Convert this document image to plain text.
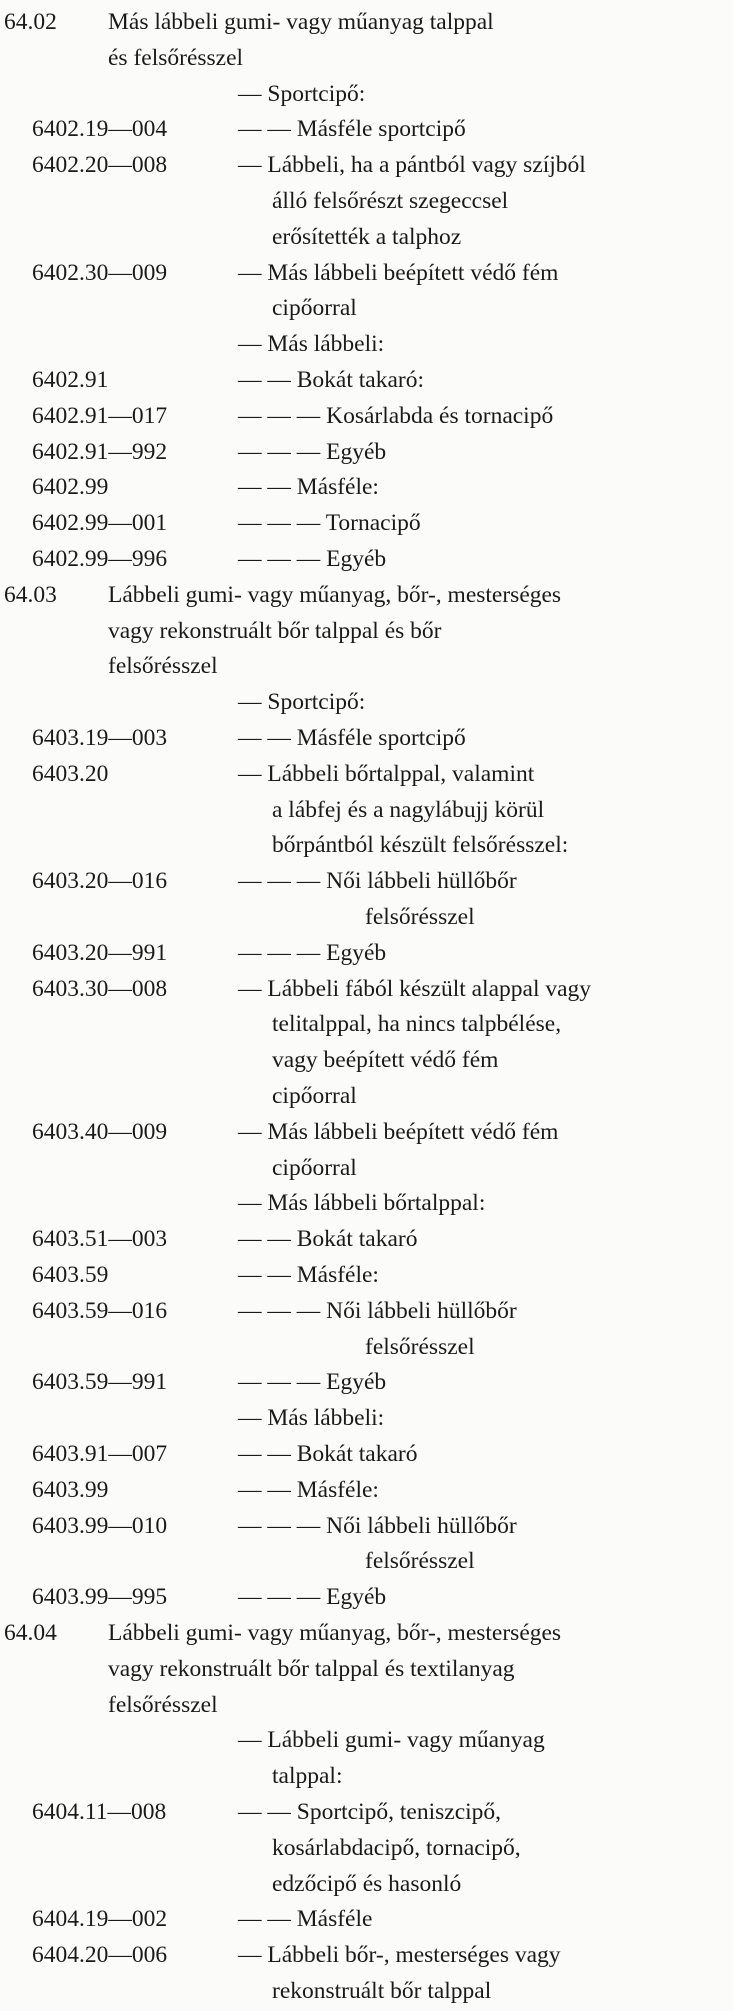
64.02 Más lábbeli gumi- vagy műanyag talppal
és felsőrésszel
— Sportcipő:
6402.19—004	— — Másféle sportcipő
6402.20—008	— Lábbeli, ha a pántból vagy szíjból
álló felsőrészt szegeccsel
erősítették a talphoz
6402.30—009	— Más lábbeli beépített védő fém
cipőorral
— Más lábbeli:
6402.91	— — Bokát takaró:
6402.91—017	— — — Kosárlabda és tornacipő
6402.91—992	— — — Egyéb
6402.99	— — Másféle:
6402.99—001	— — — Tornacipő
6402.99—996	— — — Egyéb
64.03 Lábbeli gumi- vagy műanyag, bőr-, mesterséges
vagy rekonstruált bőr talppal és bőr
felsőrésszel
— Sportcipő:
6403.19—003	— — Másféle sportcipő
6403.20	— Lábbeli bőrtalppal, valamint
a lábfej és a nagylábujj körül
bőrpántból készült felsőrésszel:
6403.20—016	— — — Női lábbeli hüllőbőr
felsőrésszel
6403.20—991	— — — Egyéb
6403.30—008	— Lábbeli fából készült alappal vagy
telitalppal, ha nincs talpbélése,
vagy beépített védő fém
cipőorral
6403.40—009	— Más lábbeli beépített védő fém
cipőorral
— Más lábbeli bőrtalppal:
6403.51—003	— — Bokát takaró
6403.59	— — Másféle:
6403.59—016	— — — Női lábbeli hüllőbőr
felsőrésszel
6403.59—991	— — — Egyéb
— Más lábbeli:
6403.91—007	— — Bokát takaró
6403.99	— — Másféle:
6403.99—010	— — — Női lábbeli hüllőbőr
felsőrésszel
6403.99—995	— — — Egyéb
64.04 Lábbeli gumi- vagy műanyag, bőr-, mesterséges
vagy rekonstruált bőr talppal és textilanyag
felsőrésszel
— Lábbeli gumi- vagy műanyag
talppal:
6404.11—008	— — Sportcipő, teniszcipő,
kosárlabdacipő, tornacipő,
edzőcipő és hasonló
6404.19—002	— — Másféle
6404.20—006	— Lábbeli bőr-, mesterséges vagy
rekonstruált bőr talppal
